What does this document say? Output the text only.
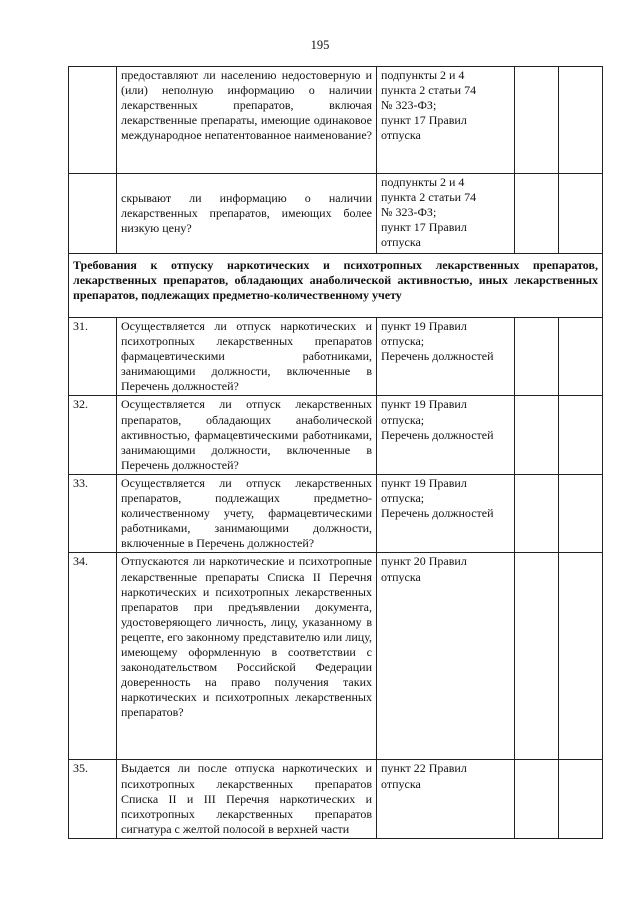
195
	предоставляют ли населению недостоверную и (или) неполную информацию о наличии лекарственных препаратов, включая лекарственные препараты, имеющие одинаковое международное непатентованное наименование?	подпункты 2 и 4
пункта 2 статьи 74
№ 323-ФЗ;
пункт 17 Правил
отпуска		

	скрывают ли информацию о наличии лекарственных препаратов, имеющих более низкую цену?	подпункты 2 и 4
пункта 2 статьи 74
№ 323-ФЗ;
пункт 17 Правил
отпуска		

Требования к отпуску наркотических и психотропных лекарственных препаратов, лекарственных препаратов, обладающих анаболической активностью, иных лекарственных препаратов, подлежащих предметно-количественному учету				
31.	Осуществляется ли отпуск наркотических и психотропных лекарственных препаратов фармацевтическими работниками, занимающими должности, включенные в Перечень должностей?	пункт 19 Правил
отпуска;
Перечень должностей		

32.	Осуществляется ли отпуск лекарственных препаратов, обладающих анаболической активностью, фармацевтическими работниками, занимающими должности, включенные в Перечень должностей?	пункт 19 Правил
отпуска;
Перечень должностей		

33.	Осуществляется ли отпуск лекарственных препаратов, подлежащих предметно-количественному учету, фармацевтическими работниками, занимающими должности, включенные в Перечень должностей?	пункт 19 Правил
отпуска;
Перечень должностей		

34.	Отпускаются ли наркотические и психотропные лекарственные препараты Списка II Перечня наркотических и психотропных лекарственных препаратов при предъявлении документа, удостоверяющего личность, лицу, указанному в рецепте, его законному представителю или лицу, имеющему оформленную в соответствии с законодательством Российской Федерации доверенность на право получения таких наркотических и психотропных лекарственных препаратов?	пункт 20 Правил
отпуска		

35.	Выдается ли после отпуска наркотических и психотропных лекарственных препаратов Списка II и III Перечня наркотических и психотропных лекарственных препаратов сигнатура с желтой полосой в верхней части	пункт 22 Правил
отпуска		
